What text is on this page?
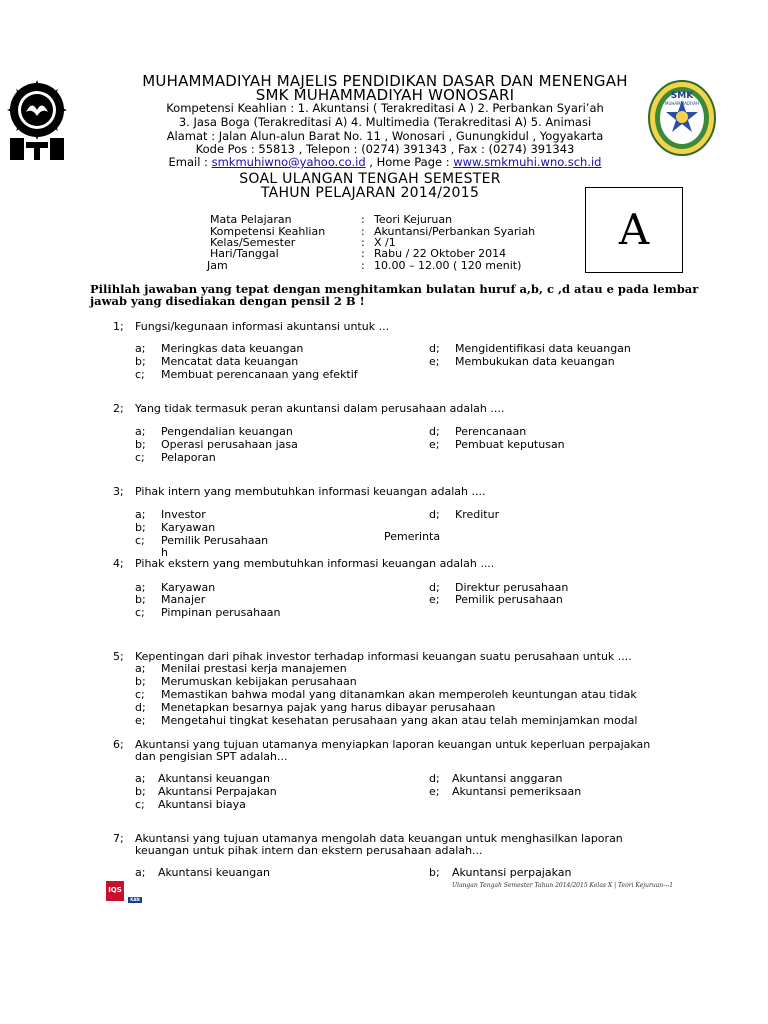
SMK
MUHAMMADIYAH
MUHAMMADIYAH MAJELIS PENDIDIKAN DASAR DAN MENENGAH
SMK MUHAMMADIYAH WONOSARI
Kompetensi Keahlian : 1. Akuntansi ( Terakreditasi A ) 2. Perbankan Syari’ah
3. Jasa Boga (Terakreditasi A) 4. Multimedia (Terakreditasi A) 5. Animasi
Alamat : Jalan Alun-alun Barat No. 11 , Wonosari , Gunungkidul , Yogyakarta
Kode Pos : 55813 , Telepon : (0274) 391343 , Fax : (0274) 391343
Email : smkmuhiwno@yahoo.co.id , Home Page : www.smkmuhi.wno.sch.id
SOAL ULANGAN TENGAH SEMESTER
TAHUN PELAJARAN 2014/2015
Mata Pelajaran	: Teori Kejuruan
Kompetensi Keahlian	: Akuntansi/Perbankan Syariah
Kelas/Semester	: X /1
Hari/Tanggal	: Rabu / 22 Oktober 2014
Jam	: 10.00 – 12.00 ( 120 menit)
A
Pilihlah jawaban yang tepat dengan menghitamkan bulatan huruf a,b, c ,d atau e pada lembar
jawab yang disediakan dengan pensil 2 B !
1; Fungsi/kegunaan informasi akuntansi untuk ...
a; Meringkas data keuangan
b; Mencatat data keuangan
c; Membuat perencanaan yang efektif
d; Mengidentifikasi data keuangan
e; Membukukan data keuangan
2; Yang tidak termasuk peran akuntansi dalam perusahaan adalah ....
a; Pengendalian keuangan
b; Operasi perusahaan jasa
c; Pelaporan
d; Perencanaan
e; Pembuat keputusan
3; Pihak intern yang membutuhkan informasi keuangan adalah ....
a; Investor
b; Karyawan
c; Pemilik Perusahaan
h
d; Kreditur
Pemerinta
4; Pihak ekstern yang membutuhkan informasi keuangan adalah ....
a; Karyawan
b; Manajer
c; Pimpinan perusahaan
d; Direktur perusahaan
e; Pemilik perusahaan
5; Kepentingan dari pihak investor terhadap informasi keuangan suatu perusahaan untuk ....
a; Menilai prestasi kerja manajemen
b; Merumuskan kebijakan perusahaan
c; Memastikan bahwa modal yang ditanamkan akan memperoleh keuntungan atau tidak
d; Menetapkan besarnya pajak yang harus dibayar perusahaan
e; Mengetahui tingkat kesehatan perusahaan yang akan atau telah meminjamkan modal
6; Akuntansi yang tujuan utamanya menyiapkan laporan keuangan untuk keperluan perpajakan
dan pengisian SPT adalah...
a; Akuntansi keuangan
b; Akuntansi Perpajakan
c; Akuntansi biaya
d; Akuntansi anggaran
e; Akuntansi pemeriksaan
7; Akuntansi yang tujuan utamanya mengolah data keuangan untuk menghasilkan laporan
keuangan untuk pihak intern dan ekstern perusahaan adalah...
a; Akuntansi keuangan	b; Akuntansi perpajakan
IQS
KAN
Ulangan Tengah Semester Tahun 2014/2015 Kelas X | Teori Kejuruan---1
